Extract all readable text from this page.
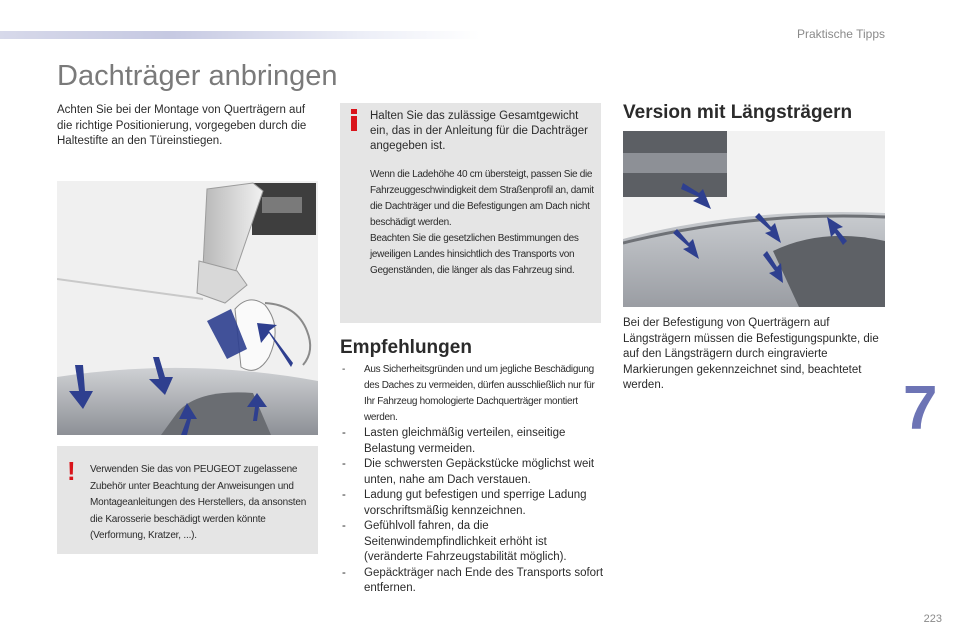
Praktische Tipps
Dachträger anbringen

Achten Sie bei der Montage von Querträgern auf die richtige Positionierung, vorgegeben durch die Haltestifte an den Türeinstiegen.

! Verwenden Sie das von PEUGEOT zugelassene Zubehör unter Beachtung der Anweisungen und Montageanleitungen des Herstellers, da ansonsten die Karosserie beschädigt werden könnte (Verformung, Kratzer, ...).

Halten Sie das zulässige Gesamtgewicht ein, das in der Anleitung für die Dachträger angegeben ist.

Wenn die Ladehöhe 40 cm übersteigt, passen Sie die Fahrzeuggeschwindigkeit dem Straßenprofil an, damit die Dachträger und die Befestigungen am Dach nicht beschädigt werden.

Beachten Sie die gesetzlichen Bestimmungen des jeweiligen Landes hinsichtlich des Transports von Gegenständen, die länger als das Fahrzeug sind.

Empfehlungen
- Aus Sicherheitsgründen und um jegliche Beschädigung des Daches zu vermeiden, dürfen ausschließlich nur für Ihr Fahrzeug homologierte Dachquerträger montiert werden.
- Lasten gleichmäßig verteilen, einseitige Belastung vermeiden.
- Die schwersten Gepäckstücke möglichst weit unten, nahe am Dach verstauen.
- Ladung gut befestigen und sperrige Ladung vorschriftsmäßig kennzeichnen.
- Gefühlvoll fahren, da die Seitenwindempfindlichkeit erhöht ist (veränderte Fahrzeugstabilität möglich).
- Gepäckträger nach Ende des Transports sofort entfernen.
Version mit Längsträgern

Bei der Befestigung von Querträgern auf Längsträgern müssen die Befestigungspunkte, die auf den Längsträgern durch eingravierte Markierungen gekennzeichnet sind, beachtetet werden.	7
223
